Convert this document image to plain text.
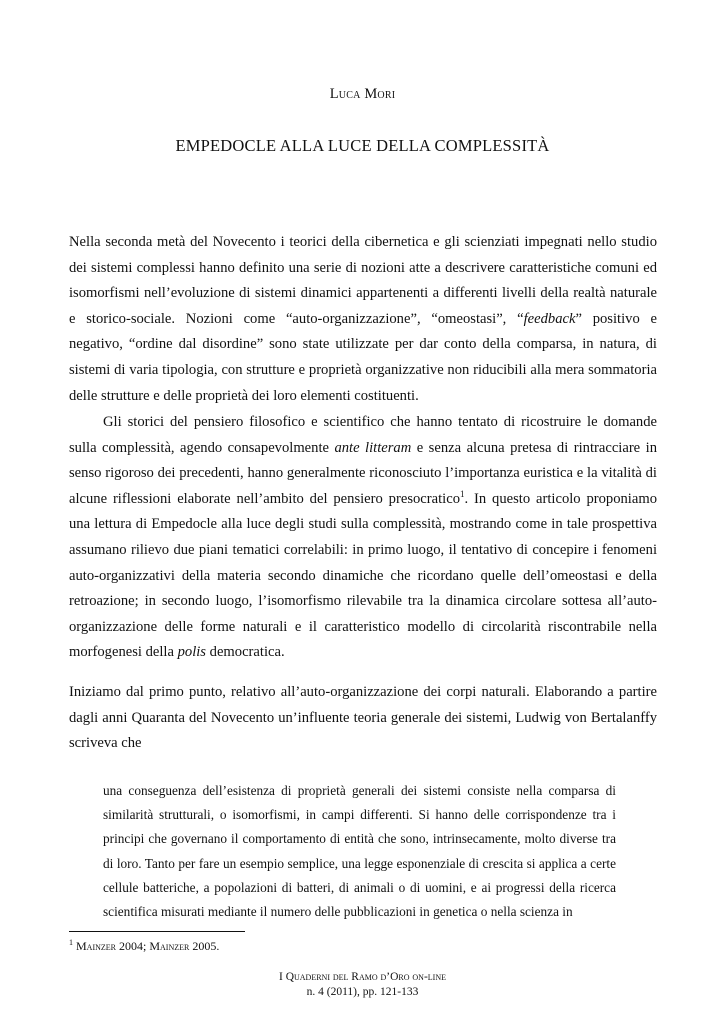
Luca Mori
EMPEDOCLE ALLA LUCE DELLA COMPLESSITÀ

Nella seconda metà del Novecento i teorici della cibernetica e gli scienziati impegnati nello studio dei sistemi complessi hanno definito una serie di nozioni atte a descrivere caratteristiche comuni ed isomorfismi nell’evoluzione di sistemi dinamici appartenenti a differenti livelli della realtà naturale e storico-sociale. Nozioni come “auto-organizzazione”, “omeostasi”, “feedback” positivo e negativo, “ordine dal disordine” sono state utilizzate per dar conto della comparsa, in natura, di sistemi di varia tipologia, con strutture e proprietà organizzative non riducibili alla mera sommatoria delle strutture e delle proprietà dei loro elementi costituenti.

Gli storici del pensiero filosofico e scientifico che hanno tentato di ricostruire le domande sulla complessità, agendo consapevolmente ante litteram e senza alcuna pretesa di rintracciare in senso rigoroso dei precedenti, hanno generalmente riconosciuto l’importanza euristica e la vitalità di alcune riflessioni elaborate nell’ambito del pensiero presocratico$^1$. In questo articolo proponiamo una lettura di Empedocle alla luce degli studi sulla complessità, mostrando come in tale prospettiva assumano rilievo due piani tematici correlabili: in primo luogo, il tentativo di concepire i fenomeni auto-organizzativi della materia secondo dinamiche che ricordano quelle dell’omeostasi e della retroazione; in secondo luogo, l’isomorfismo rilevabile tra la dinamica circolare sottesa all’auto-organizzazione delle forme naturali e il caratteristico modello di circolarità riscontrabile nella morfogenesi della polis democratica.

Iniziamo dal primo punto, relativo all’auto-organizzazione dei corpi naturali. Elaborando a partire dagli anni Quaranta del Novecento un’influente teoria generale dei sistemi, Ludwig von Bertalanffy scriveva che

una conseguenza dell’esistenza di proprietà generali dei sistemi consiste nella comparsa di similarità strutturali, o isomorfismi, in campi differenti. Si hanno delle corrispondenze tra i principi che governano il comportamento di entità che sono, intrinsecamente, molto diverse tra di loro. Tanto per fare un esempio semplice, una legge esponenziale di crescita si applica a certe cellule batteriche, a popolazioni di batteri, di animali o di uomini, e ai progressi della ricerca scientifica misurati mediante il numero delle pubblicazioni in genetica o nella scienza in

$^1$ Mainzer 2004; Mainzer 2005.
I Quaderni del Ramo d’Oro on-line
n. 4 (2011), pp. 121-133
